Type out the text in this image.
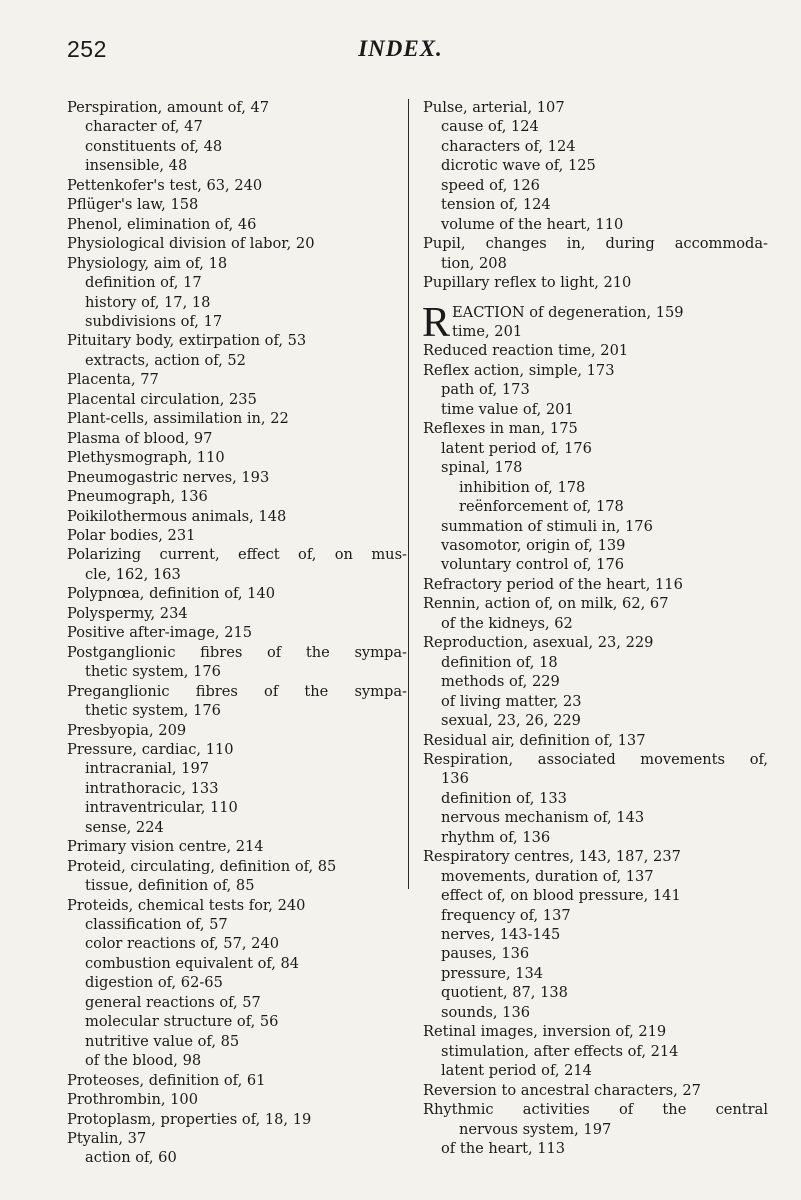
252	INDEX.
Perspiration, amount of, 47
character of, 47
constituents of, 48
insensible, 48
Pettenkofer's test, 63, 240
Pflüger's law, 158
Phenol, elimination of, 46
Physiological division of labor, 20
Physiology, aim of, 18
definition of, 17
history of, 17, 18
subdivisions of, 17
Pituitary body, extirpation of, 53
extracts, action of, 52
Placenta, 77
Placental circulation, 235
Plant-cells, assimilation in, 22
Plasma of blood, 97
Plethysmograph, 110
Pneumogastric nerves, 193
Pneumograph, 136
Poikilothermous animals, 148
Polar bodies, 231
Polarizing current, effect of, on mus-
cle, 162, 163
Polypnœa, definition of, 140
Polyspermy, 234
Positive after-image, 215
Postganglionic fibres of the sympa-
thetic system, 176
Preganglionic fibres of the sympa-
thetic system, 176
Presbyopia, 209
Pressure, cardiac, 110
intracranial, 197
intrathoracic, 133
intraventricular, 110
sense, 224
Primary vision centre, 214
Proteid, circulating, definition of, 85
tissue, definition of, 85
Proteids, chemical tests for, 240
classification of, 57
color reactions of, 57, 240
combustion equivalent of, 84
digestion of, 62-65
general reactions of, 57
molecular structure of, 56
nutritive value of, 85
of the blood, 98
Proteoses, definition of, 61
Prothrombin, 100
Protoplasm, properties of, 18, 19
Ptyalin, 37
action of, 60
Pulse, arterial, 107
cause of, 124
characters of, 124
dicrotic wave of, 125
speed of, 126
tension of, 124
volume of the heart, 110
Pupil, changes in, during accommoda-
tion, 208
Pupillary reflex to light, 210
R EACTION of degeneration, 159
time, 201
Reduced reaction time, 201
Reflex action, simple, 173
path of, 173
time value of, 201
Reflexes in man, 175
latent period of, 176
spinal, 178
inhibition of, 178
reënforcement of, 178
summation of stimuli in, 176
vasomotor, origin of, 139
voluntary control of, 176
Refractory period of the heart, 116
Rennin, action of, on milk, 62, 67
of the kidneys, 62
Reproduction, asexual, 23, 229
definition of, 18
methods of, 229
of living matter, 23
sexual, 23, 26, 229
Residual air, definition of, 137
Respiration, associated movements of,
136
definition of, 133
nervous mechanism of, 143
rhythm of, 136
Respiratory centres, 143, 187, 237
movements, duration of, 137
effect of, on blood pressure, 141
frequency of, 137
nerves, 143-145
pauses, 136
pressure, 134
quotient, 87, 138
sounds, 136
Retinal images, inversion of, 219
stimulation, after effects of, 214
latent period of, 214
Reversion to ancestral characters, 27
Rhythmic activities of the central
nervous system, 197
of the heart, 113
